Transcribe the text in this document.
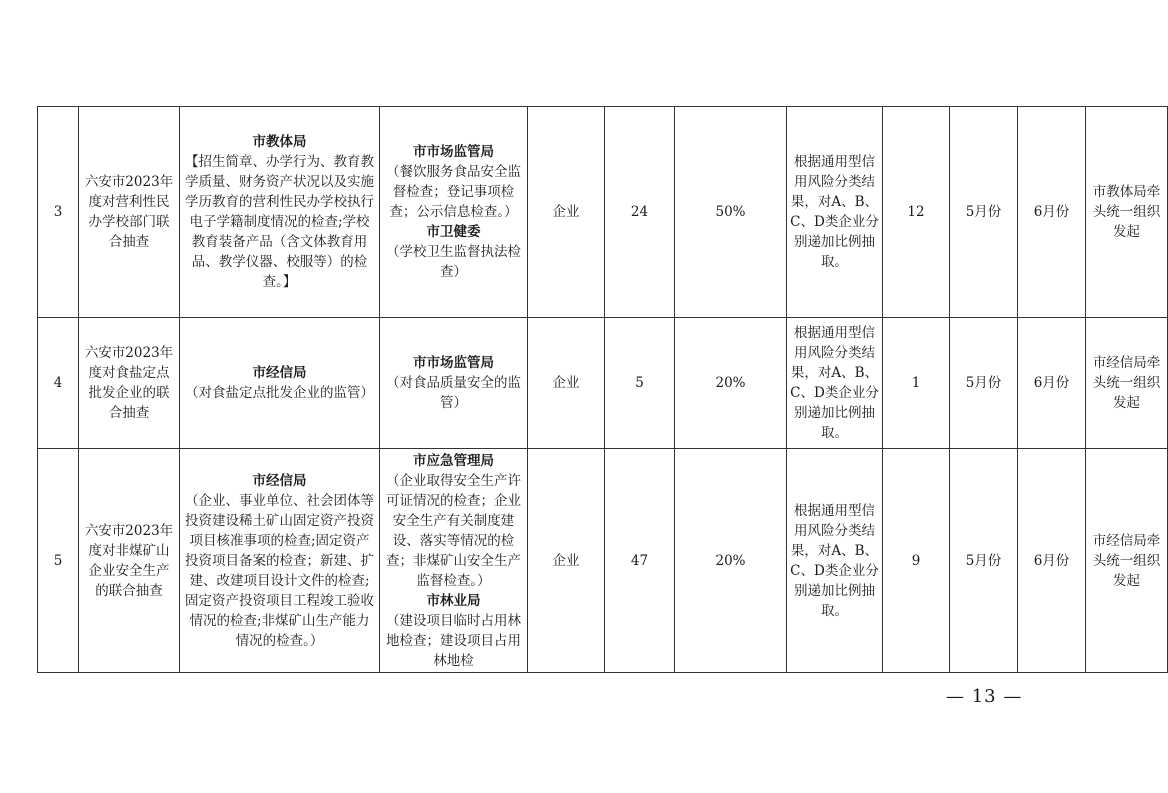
3	六安市2023年度对营利性民办学校部门联合抽查	市教体局
【招生简章、办学行为、教育教学质量、财务资产状况以及实施学历教育的营利性民办学校执行电子学籍制度情况的检查;学校教育装备产品（含文体教育用品、教学仪器、校服等）的检查。】	市市场监管局
（餐饮服务食品安全监督检查；登记事项检查；公示信息检查。）
市卫健委
（学校卫生监督执法检查）	企业	24	50%	根据通用型信用风险分类结果，对A、B、C、D类企业分别递加比例抽取。	12	5月份	6月份	市教体局牵头统一组织发起
4	六安市2023年度对食盐定点批发企业的联合抽查	市经信局
（对食盐定点批发企业的监管）	市市场监管局
（对食品质量安全的监管）	企业	5	20%	根据通用型信用风险分类结果，对A、B、C、D类企业分别递加比例抽取。	1	5月份	6月份	市经信局牵头统一组织发起
5	六安市2023年度对非煤矿山企业安全生产的联合抽查	市经信局
（企业、事业单位、社会团体等投资建设稀土矿山固定资产投资项目核准事项的检查;固定资产投资项目备案的检查；新建、扩建、改建项目设计文件的检查;固定资产投资项目工程竣工验收情况的检查;非煤矿山生产能力情况的检查。）	市应急管理局
（企业取得安全生产许可证情况的检查；企业安全生产有关制度建设、落实等情况的检查；非煤矿山安全生产监督检查。）
市林业局
（建设项目临时占用林地检查；建设项目占用林地检	企业	47	20%	根据通用型信用风险分类结果，对A、B、C、D类企业分别递加比例抽取。	9	5月份	6月份	市经信局牵头统一组织发起
— 13 —
